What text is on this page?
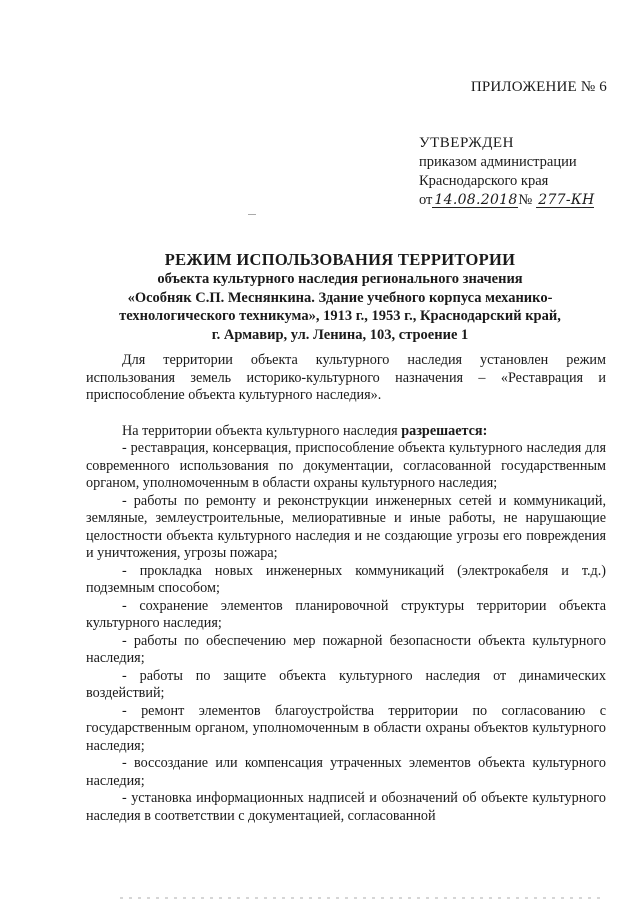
ПРИЛОЖЕНИЕ № 6
УТВЕРЖДЕН
приказом администрации
Краснодарского края
от 14.08.2018№ 277-КН
РЕЖИМ ИСПОЛЬЗОВАНИЯ ТЕРРИТОРИИ
объекта культурного наследия регионального значения
«Особняк С.П. Меснянкина. Здание учебного корпуса механико-
технологического техникума», 1913 г., 1953 г., Краснодарский край,
г. Армавир, ул. Ленина, 103, строение 1

Для территории объекта культурного наследия установлен режим использования земель историко-культурного назначения – «Реставрация и приспособление объекта культурного наследия».

На территории объекта культурного наследия разрешается:

- реставрация, консервация, приспособление объекта культурного наследия для современного использования по документации, согласованной государственным органом, уполномоченным в области охраны культурного наследия;

- работы по ремонту и реконструкции инженерных сетей и коммуникаций, земляные, землеустроительные, мелиоративные и иные работы, не нарушающие целостности объекта культурного наследия и не создающие угрозы его повреждения и уничтожения, угрозы пожара;

- прокладка новых инженерных коммуникаций (электрокабеля и т.д.) подземным способом;

- сохранение элементов планировочной структуры территории объекта культурного наследия;

- работы по обеспечению мер пожарной безопасности объекта культурного наследия;

- работы по защите объекта культурного наследия от динамических воздействий;

- ремонт элементов благоустройства территории по согласованию с государственным органом, уполномоченным в области охраны объектов культурного наследия;

- воссоздание или компенсация утраченных элементов объекта культурного наследия;

- установка информационных надписей и обозначений об объекте культурного наследия в соответствии с документацией, согласованной
